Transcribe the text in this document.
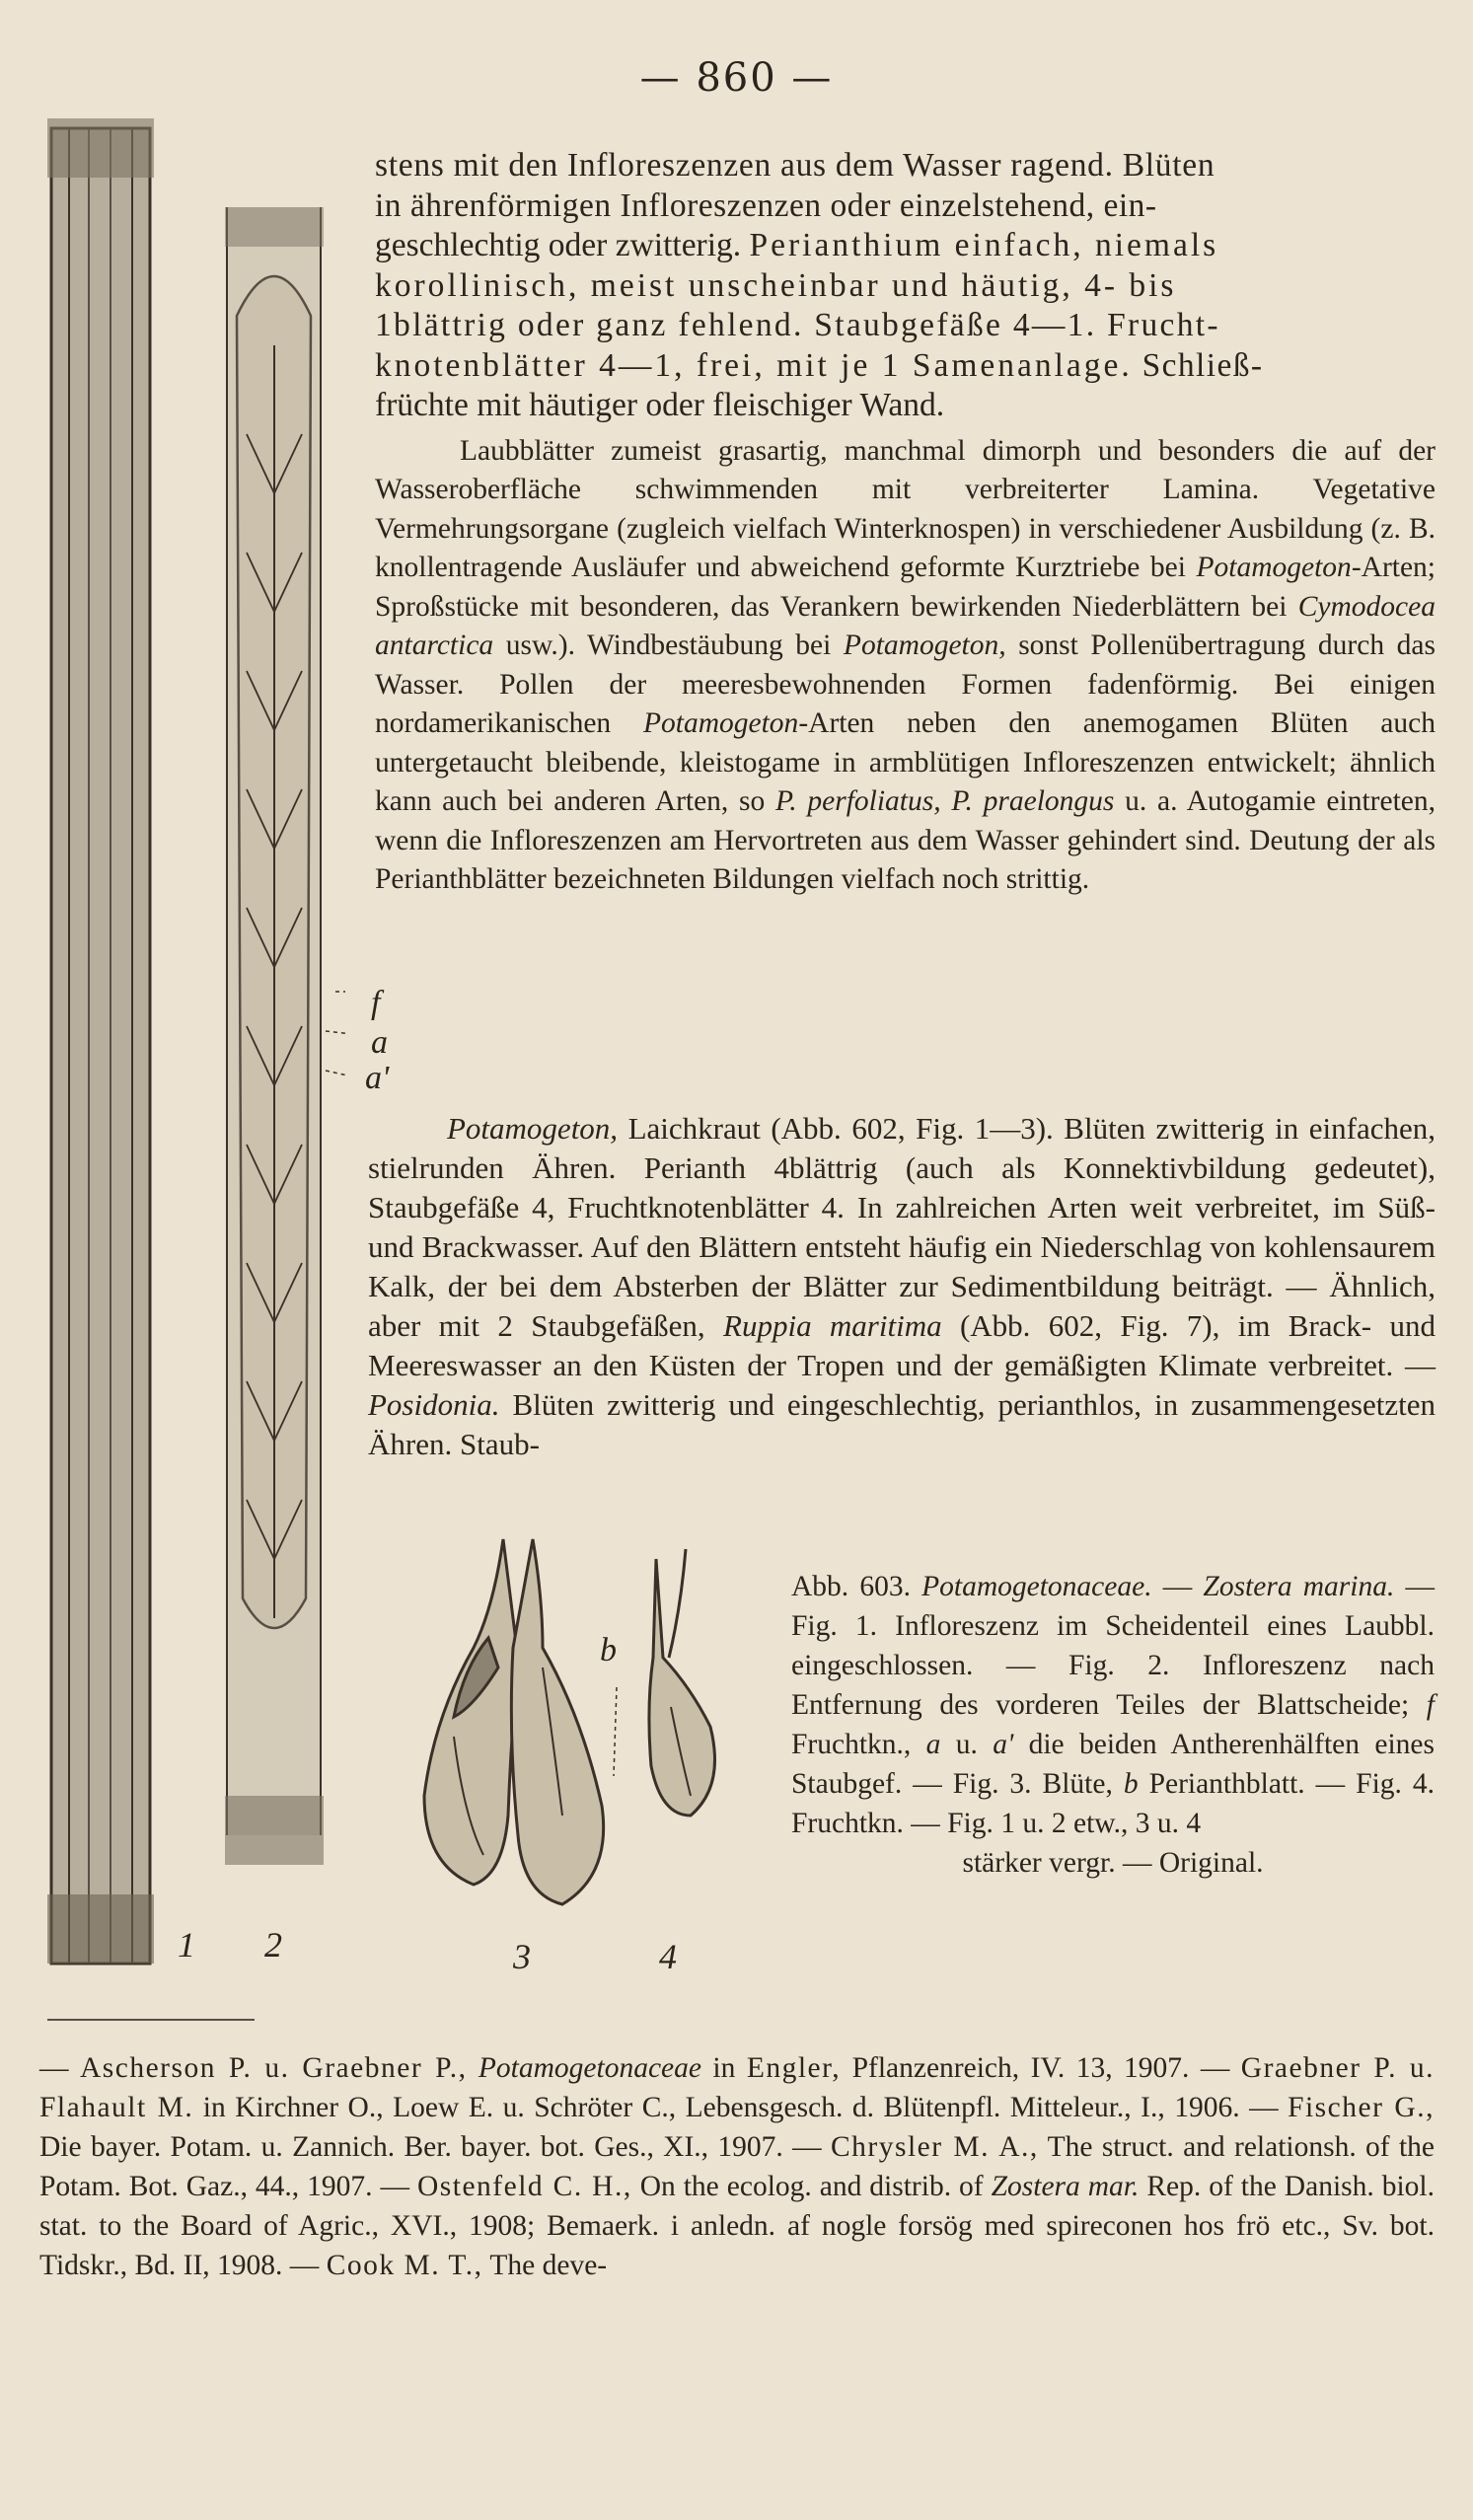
— 860 —
1 2
f
a
a'

stens mit den Infloreszenzen aus dem Wasser ragend. Blüten

in ährenförmigen Infloreszenzen oder einzelstehend, ein-

geschlechtig oder zwitterig. Perianthium einfach, niemals

korollinisch, meist unscheinbar und häutig, 4- bis

1blättrig oder ganz fehlend. Staubgefäße 4—1. Frucht-

knotenblätter 4—1, frei, mit je 1 Samenanlage. Schließ-

früchte mit häutiger oder fleischiger Wand.

Laubblätter zumeist grasartig, manchmal dimorph und besonders die auf der Wasseroberfläche schwimmenden mit verbreiterter Lamina. Vegetative Vermehrungsorgane (zugleich vielfach Winterknospen) in verschiedener Ausbildung (z. B. knollentragende Ausläufer und abweichend geformte Kurztriebe bei Potamogeton-Arten; Sproßstücke mit besonderen, das Verankern bewirkenden Niederblättern bei Cymodocea antarctica usw.). Windbestäubung bei Potamogeton, sonst Pollenübertragung durch das Wasser. Pollen der meeresbewohnenden Formen fadenförmig. Bei einigen nordamerikanischen Potamogeton-Arten neben den anemogamen Blüten auch untergetaucht bleibende, kleistogame in armblütigen Infloreszenzen entwickelt; ähnlich kann auch bei anderen Arten, so P. perfoliatus, P. praelongus u. a. Autogamie eintreten, wenn die Infloreszenzen am Hervortreten aus dem Wasser gehindert sind. Deutung der als Perianthblätter bezeichneten Bildungen vielfach noch strittig.

Potamogeton, Laichkraut (Abb. 602, Fig. 1—3). Blüten zwitterig in einfachen, stielrunden Ähren. Perianth 4blättrig (auch als Konnektivbildung gedeutet), Staubgefäße 4, Fruchtknotenblätter 4. In zahlreichen Arten weit verbreitet, im Süß- und Brackwasser. Auf den Blättern entsteht häufig ein Niederschlag von kohlensaurem Kalk, der bei dem Absterben der Blätter zur Sedimentbildung beiträgt. — Ähnlich, aber mit 2 Staubgefäßen, Ruppia maritima (Abb. 602, Fig. 7), im Brack- und Meereswasser an den Küsten der Tropen und der gemäßigten Klimate verbreitet. — Posidonia. Blüten zwitterig und eingeschlechtig, perianthlos, in zusammengesetzten Ähren. Staub-

3	4
b
Abb. 603. Potamogetonaceae. — Zostera marina. — Fig. 1. Infloreszenz im Scheidenteil eines Laubbl. eingeschlossen. — Fig. 2. Infloreszenz nach Entfernung des vorderen Teiles der Blattscheide; f Fruchtkn., a u. a' die beiden Antherenhälften eines Staubgef. — Fig. 3. Blüte, b Perianthblatt. — Fig. 4. Fruchtkn. — Fig. 1 u. 2 etw., 3 u. 4
stärker vergr. — Original.
— Ascherson P. u. Graebner P., Potamogetonaceae in Engler, Pflanzenreich, IV. 13, 1907. — Graebner P. u. Flahault M. in Kirchner O., Loew E. u. Schröter C., Lebensgesch. d. Blütenpfl. Mitteleur., I., 1906. — Fischer G., Die bayer. Potam. u. Zannich. Ber. bayer. bot. Ges., XI., 1907. — Chrysler M. A., The struct. and relationsh. of the Potam. Bot. Gaz., 44., 1907. — Ostenfeld C. H., On the ecolog. and distrib. of Zostera mar. Rep. of the Danish. biol. stat. to the Board of Agric., XVI., 1908; Bemaerk. i anledn. af nogle forsög med spireconen hos frö etc., Sv. bot. Tidskr., Bd. II, 1908. — Cook M. T., The deve-
